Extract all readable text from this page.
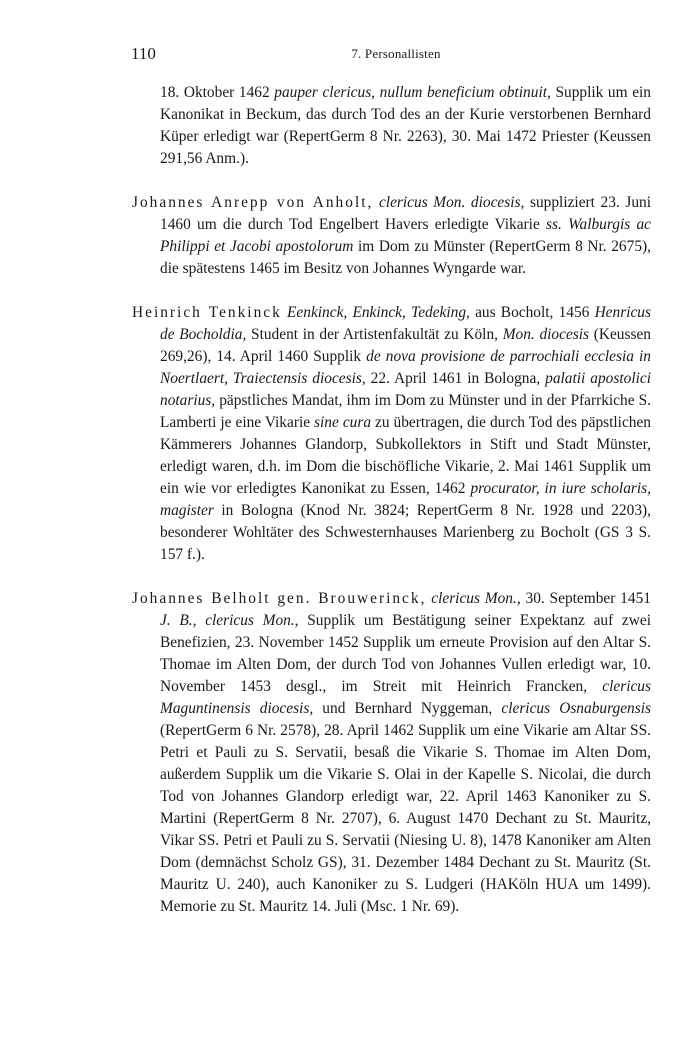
110	7. Personallisten

18. Oktober 1462 pauper clericus, nullum beneficium obtinuit, Supplik um ein Kanonikat in Beckum, das durch Tod des an der Kurie verstorbenen Bernhard Küper erledigt war (RepertGerm 8 Nr. 2263), 30. Mai 1472 Priester (Keussen 291,56 Anm.).

Johannes Anrepp von Anholt, clericus Mon. diocesis, suppliziert 23. Juni 1460 um die durch Tod Engelbert Havers erledigte Vikarie ss. Walburgis ac Philippi et Jacobi apostolorum im Dom zu Münster (RepertGerm 8 Nr. 2675), die spätestens 1465 im Besitz von Johannes Wyngarde war.

Heinrich Tenkinck Eenkinck, Enkinck, Tedeking, aus Bocholt, 1456 Henricus de Bocholdia, Student in der Artistenfakultät zu Köln, Mon. diocesis (Keussen 269,26), 14. April 1460 Supplik de nova provisione de parrochiali ecclesia in Noertlaert, Traiectensis diocesis, 22. April 1461 in Bologna, palatii apostolici notarius, päpstliches Mandat, ihm im Dom zu Münster und in der Pfarrkiche S. Lamberti je eine Vikarie sine cura zu übertragen, die durch Tod des päpstlichen Kämmerers Johannes Glandorp, Subkollektors in Stift und Stadt Münster, erledigt waren, d.h. im Dom die bischöfliche Vikarie, 2. Mai 1461 Supplik um ein wie vor erledigtes Kanonikat zu Essen, 1462 procurator, in iure scholaris, magister in Bologna (Knod Nr. 3824; RepertGerm 8 Nr. 1928 und 2203), besonderer Wohltäter des Schwesternhauses Marienberg zu Bocholt (GS 3 S. 157 f.).

Johannes Belholt gen. Brouwerinck, clericus Mon., 30. September 1451 J. B., clericus Mon., Supplik um Bestätigung seiner Expektanz auf zwei Benefizien, 23. November 1452 Supplik um erneute Provision auf den Altar S. Thomae im Alten Dom, der durch Tod von Johannes Vullen erledigt war, 10. November 1453 desgl., im Streit mit Heinrich Francken, clericus Maguntinensis diocesis, und Bernhard Nyggeman, clericus Osnaburgensis (RepertGerm 6 Nr. 2578), 28. April 1462 Supplik um eine Vikarie am Altar SS. Petri et Pauli zu S. Servatii, besaß die Vikarie S. Thomae im Alten Dom, außerdem Supplik um die Vikarie S. Olai in der Kapelle S. Nicolai, die durch Tod von Johannes Glandorp erledigt war, 22. April 1463 Kanoniker zu S. Martini (RepertGerm 8 Nr. 2707), 6. August 1470 Dechant zu St. Mauritz, Vikar SS. Petri et Pauli zu S. Servatii (Niesing U. 8), 1478 Kanoniker am Alten Dom (demnächst Scholz GS), 31. Dezember 1484 Dechant zu St. Mauritz (St. Mauritz U. 240), auch Kanoniker zu S. Ludgeri (HAKöln HUA um 1499). Memorie zu St. Mauritz 14. Juli (Msc. 1 Nr. 69).
